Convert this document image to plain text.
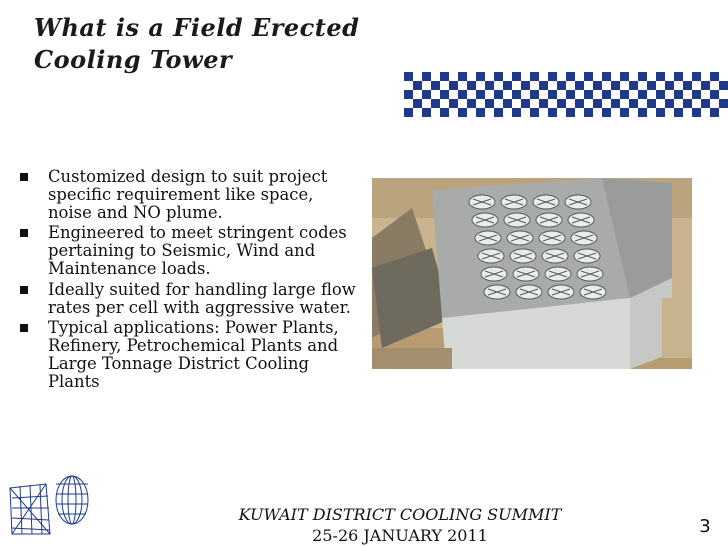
What is a Field Erected
Cooling Tower
Customized design to suit project specific requirement like space, noise and NO plume.
Engineered to meet stringent codes pertaining to Seismic, Wind and Maintenance loads.
Ideally suited for handling large flow rates per cell with aggressive water.
Typical applications: Power Plants, Refinery, Petrochemical Plants and Large Tonnage District Cooling Plants
KUWAIT DISTRICT COOLING SUMMIT
25-26 JANUARY 2011	3
